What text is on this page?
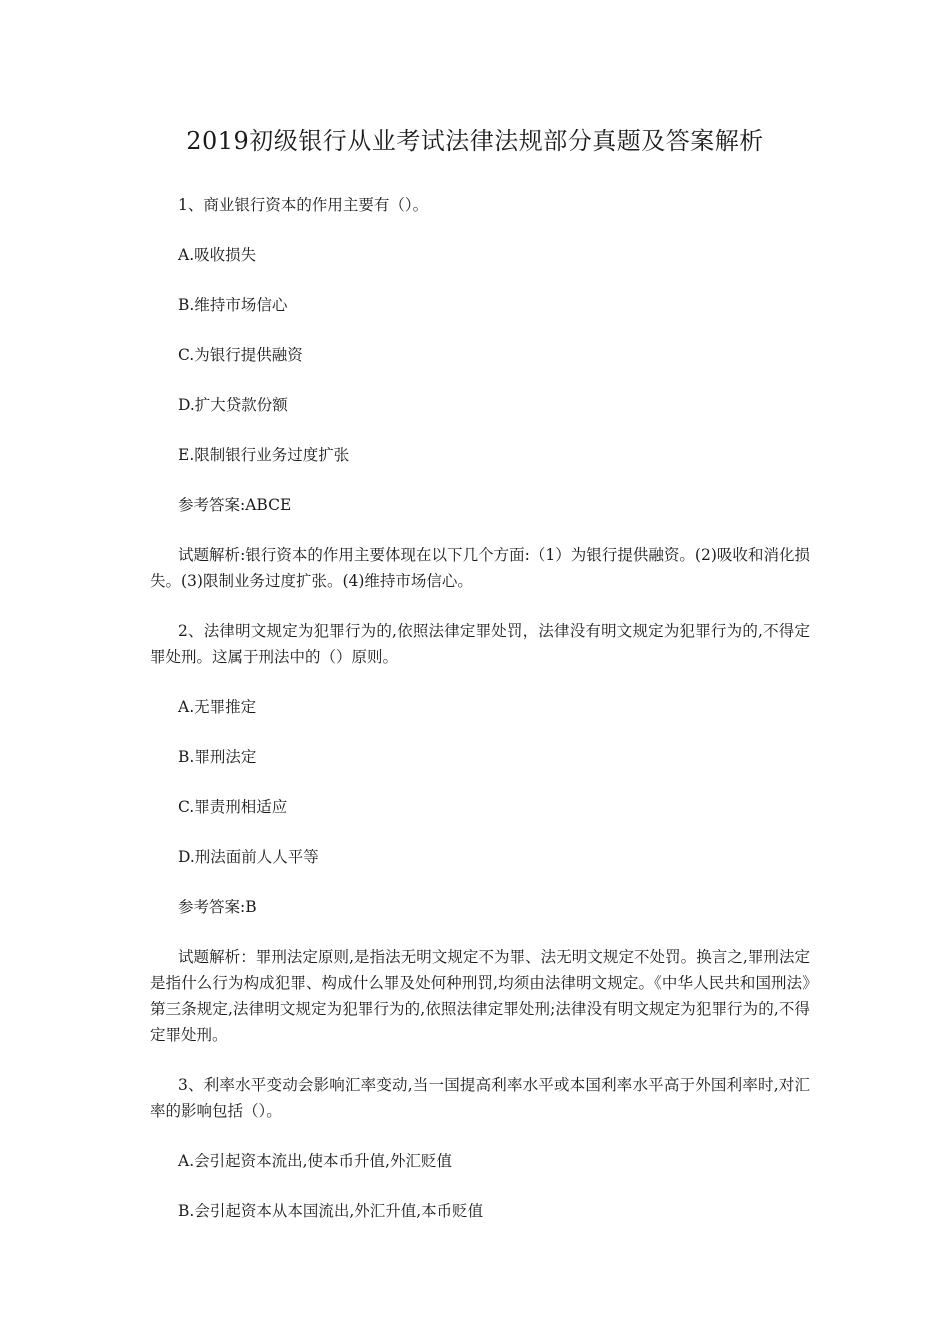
2019初级银行从业考试法律法规部分真题及答案解析

1、商业银行资本的作用主要有（）。

A.吸收损失

B.维持市场信心

C.为银行提供融资

D.扩大贷款份额

E.限制银行业务过度扩张

参考答案:ABCE

试题解析:银行资本的作用主要体现在以下几个方面:（1）为银行提供融资。(2)吸收和消化损失。(3)限制业务过度扩张。(4)维持市场信心。

2、法律明文规定为犯罪行为的,依照法律定罪处罚，法律没有明文规定为犯罪行为的,不得定罪处刑。这属于刑法中的（）原则。

A.无罪推定

B.罪刑法定

C.罪责刑相适应

D.刑法面前人人平等

参考答案:B

试题解析：罪刑法定原则,是指法无明文规定不为罪、法无明文规定不处罚。换言之,罪刑法定是指什么行为构成犯罪、构成什么罪及处何种刑罚,均须由法律明文规定。《中华人民共和国刑法》第三条规定,法律明文规定为犯罪行为的,依照法律定罪处刑;法律没有明文规定为犯罪行为的,不得定罪处刑。

3、利率水平变动会影响汇率变动,当一国提高利率水平或本国利率水平高于外国利率时,对汇率的影响包括（）。

A.会引起资本流出,使本币升值,外汇贬值

B.会引起资本从本国流出,外汇升值,本币贬值
